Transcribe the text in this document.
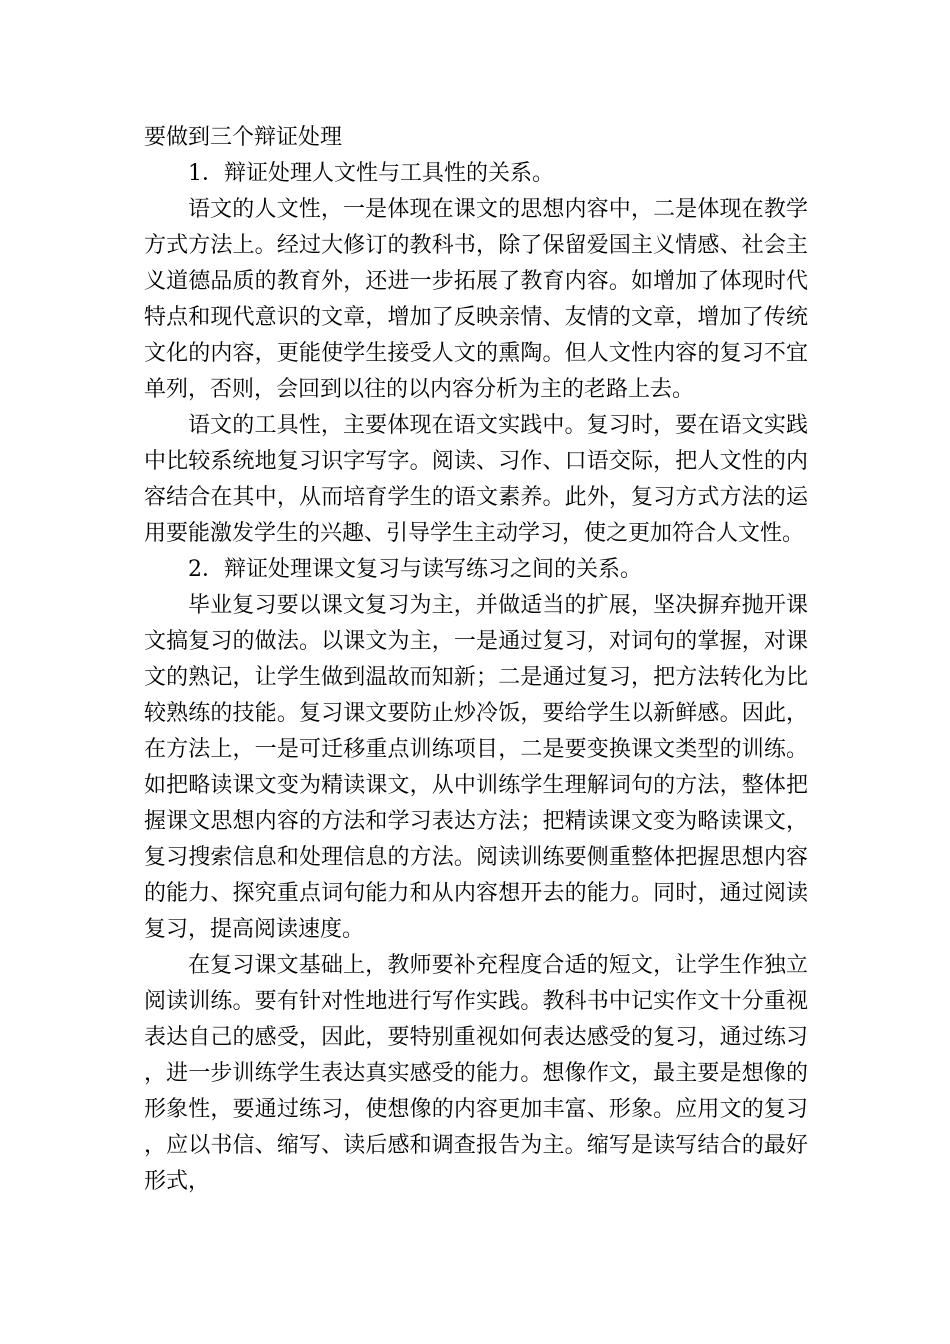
要做到三个辩证处理

1．辩证处理人文性与工具性的关系。

语文的人文性，一是体现在课文的思想内容中，二是体现在教学方式方法上。经过大修订的教科书，除了保留爱国主义情感、社会主义道德品质的教育外，还进一步拓展了教育内容。如增加了体现时代特点和现代意识的文章，增加了反映亲情、友情的文章，增加了传统文化的内容，更能使学生接受人文的熏陶。但人文性内容的复习不宜单列，否则，会回到以往的以内容分析为主的老路上去。

语文的工具性，主要体现在语文实践中。复习时，要在语文实践中比较系统地复习识字写字。阅读、习作、口语交际，把人文性的内容结合在其中，从而培育学生的语文素养。此外，复习方式方法的运用要能激发学生的兴趣、引导学生主动学习，使之更加符合人文性。

2．辩证处理课文复习与读写练习之间的关系。

毕业复习要以课文复习为主，并做适当的扩展，坚决摒弃抛开课文搞复习的做法。以课文为主，一是通过复习，对词句的掌握，对课文的熟记，让学生做到温故而知新；二是通过复习，把方法转化为比较熟练的技能。复习课文要防止炒冷饭，要给学生以新鲜感。因此，在方法上，一是可迁移重点训练项目，二是要变换课文类型的训练。如把略读课文变为精读课文，从中训练学生理解词句的方法，整体把握课文思想内容的方法和学习表达方法；把精读课文变为略读课文，复习搜索信息和处理信息的方法。阅读训练要侧重整体把握思想内容的能力、探究重点词句能力和从内容想开去的能力。同时，通过阅读复习，提高阅读速度。

在复习课文基础上，教师要补充程度合适的短文，让学生作独立阅读训练。要有针对性地进行写作实践。教科书中记实作文十分重视表达自己的感受，因此，要特别重视如何表达感受的复习，通过练习，进一步训练学生表达真实感受的能力。想像作文，最主要是想像的形象性，要通过练习，使想像的内容更加丰富、形象。应用文的复习，应以书信、缩写、读后感和调查报告为主。缩写是读写结合的最好形式，
